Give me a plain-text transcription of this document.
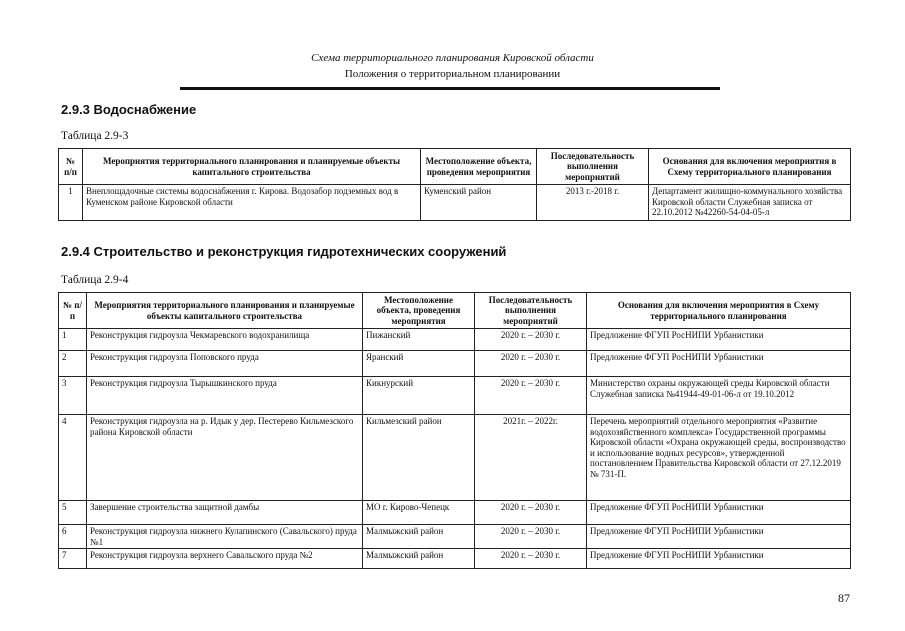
Схема территориального планирования Кировской области
Положения о территориальном планировании
2.9.3 Водоснабжение
Таблица 2.9-3
№ п/п	Мероприятия территориального планирования и планируемые объекты капитального строительства	Местоположение объекта, проведения мероприятия	Последовательность выполнения мероприятий	Основания для включения мероприятия в Схему территориального планирования
1	Внеплощадочные системы водоснабжения г. Кирова. Водозабор подземных вод в Куменском районе Кировской области	Куменский район	2013 г.-2018 г.	Департамент жилищно-коммунального хозяйства Кировской области Служебная записка от 22.10.2012 №42260-54-04-05-л
2.9.4 Строительство и реконструкция гидротехнических сооружений
Таблица 2.9-4
№ п/п	Мероприятия территориального планирования и планируемые объекты капитального строительства	Местоположение объекта, проведения мероприятия	Последовательность выполнения мероприятий	Основания для включения мероприятия в Схему территориального планирования
1	Реконструкция гидроузла Чекмаревского водохранилища	Пижанский	2020 г. – 2030 г.	Предложение ФГУП РосНИПИ Урбанистики
2	Реконструкция гидроузла Поповского пруда	Яранский	2020 г. – 2030 г.	Предложение ФГУП РосНИПИ Урбанистики
3	Реконструкция гидроузла Тырышкинского пруда	Кикнурский	2020 г. – 2030 г.	Министерство охраны окружающей среды Кировской области Служебная записка №41944-49-01-06-л от 19.10.2012
4	Реконструкция гидроузла на р. Идык у дер. Пестерево Кильмезского района Кировской области	Кильмезский район	2021г. – 2022г.	Перечень мероприятий отдельного мероприятия «Развитие водохозяйственного комплекса» Государственной программы Кировской области «Охрана окружающей среды, воспроизводство и использование водных ресурсов», утвержденной постановлением Правительства Кировской области от 27.12.2019 № 731-П.
5	Завершение строительства защитной дамбы	МО г. Кирово-Чепецк	2020 г. – 2030 г.	Предложение ФГУП РосНИПИ Урбанистики
6	Реконструкция гидроузла нижнего Кулапинского (Савальского) пруда №1	Малмыжский район	2020 г. – 2030 г.	Предложение ФГУП РосНИПИ Урбанистики
7	Реконструкция гидроузла верхнего Савальского пруда №2	Малмыжский район	2020 г. – 2030 г.	Предложение ФГУП РосНИПИ Урбанистики
87
